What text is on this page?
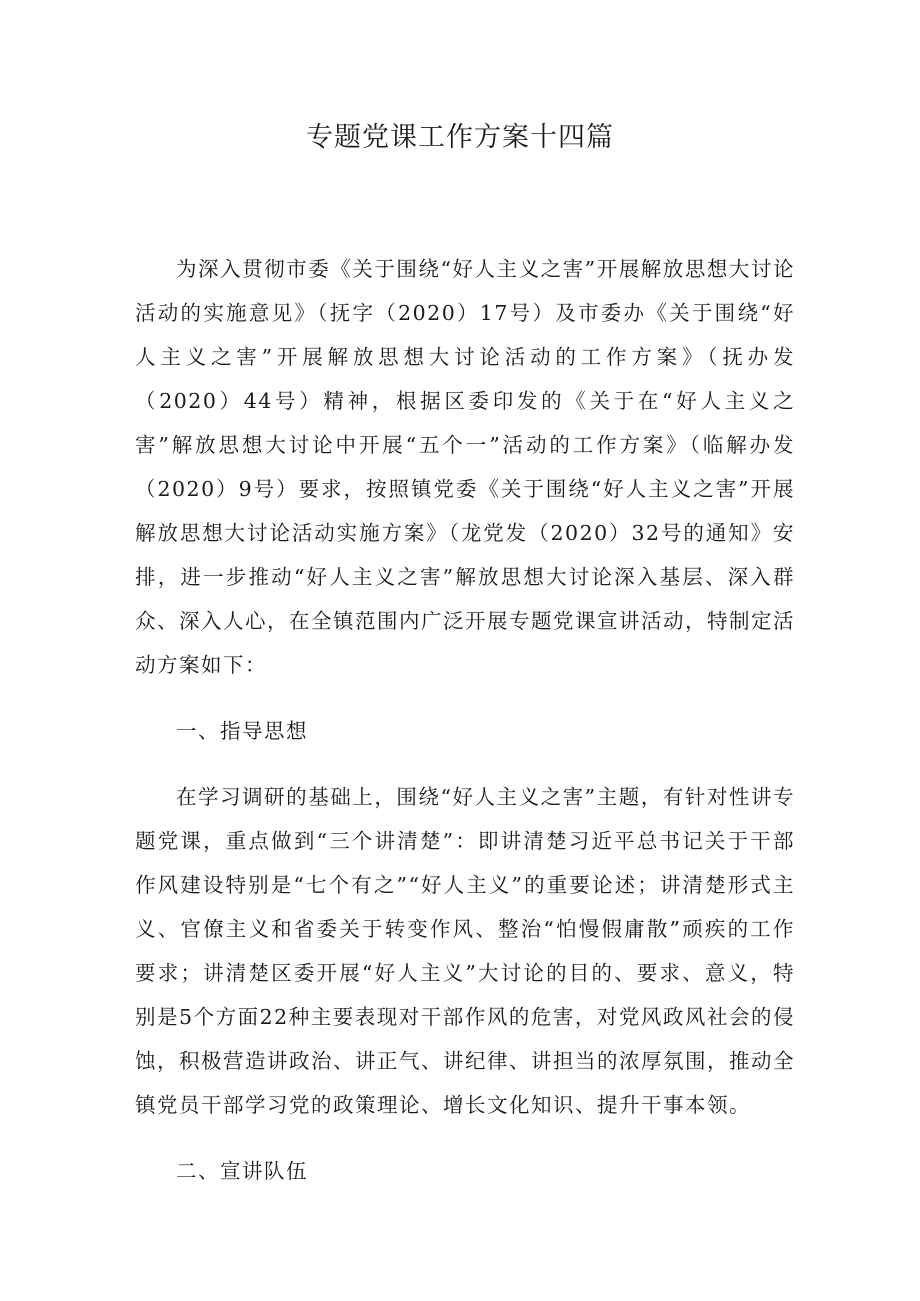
专题党课工作方案十四篇

为深入贯彻市委《关于围绕“好人主义之害”开展解放思想大讨论活动的实施意见》（抚字（2020）17号）及市委办《关于围绕“好人主义之害”开展解放思想大讨论活动的工作方案》（抚办发（2020）44号）精神，根据区委印发的《关于在“好人主义之害”解放思想大讨论中开展“五个一”活动的工作方案》（临解办发（2020）9号）要求，按照镇党委《关于围绕“好人主义之害”开展解放思想大讨论活动实施方案》（龙党发（2020）32号的通知》安排，进一步推动“好人主义之害”解放思想大讨论深入基层、深入群众、深入人心，在全镇范围内广泛开展专题党课宣讲活动，特制定活动方案如下：

一、指导思想

在学习调研的基础上，围绕“好人主义之害”主题，有针对性讲专题党课，重点做到“三个讲清楚”：即讲清楚习近平总书记关于干部作风建设特别是“七个有之”“好人主义”的重要论述；讲清楚形式主义、官僚主义和省委关于转变作风、整治“怕慢假庸散”顽疾的工作要求；讲清楚区委开展“好人主义”大讨论的目的、要求、意义，特别是5个方面22种主要表现对干部作风的危害，对党风政风社会的侵蚀，积极营造讲政治、讲正气、讲纪律、讲担当的浓厚氛围，推动全镇党员干部学习党的政策理论、增长文化知识、提升干事本领。

二、宣讲队伍
